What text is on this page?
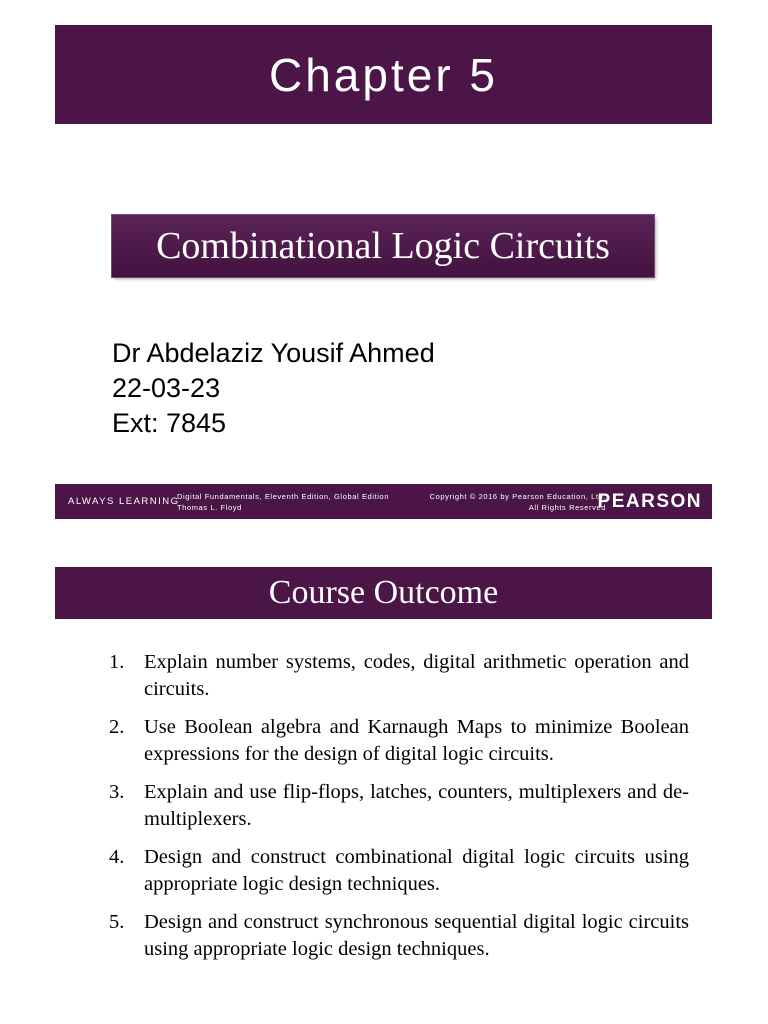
Chapter 5
Combinational Logic Circuits
Dr Abdelaziz Yousif Ahmed
22-03-23
Ext: 7845
ALWAYS LEARNING
Digital Fundamentals, Eleventh Edition, Global Edition
Thomas L. Floyd
Copyright © 2016 by Pearson Education, Ltd.
All Rights Reserved
PEARSON
Course Outcome
1. Explain number systems, codes, digital arithmetic operation and circuits.
2. Use Boolean algebra and Karnaugh Maps to minimize Boolean expressions for the design of digital logic circuits.
3. Explain and use flip-flops, latches, counters, multiplexers and de-multiplexers.
4. Design and construct combinational digital logic circuits using appropriate logic design techniques.
5. Design and construct synchronous sequential digital logic circuits using appropriate logic design techniques.
